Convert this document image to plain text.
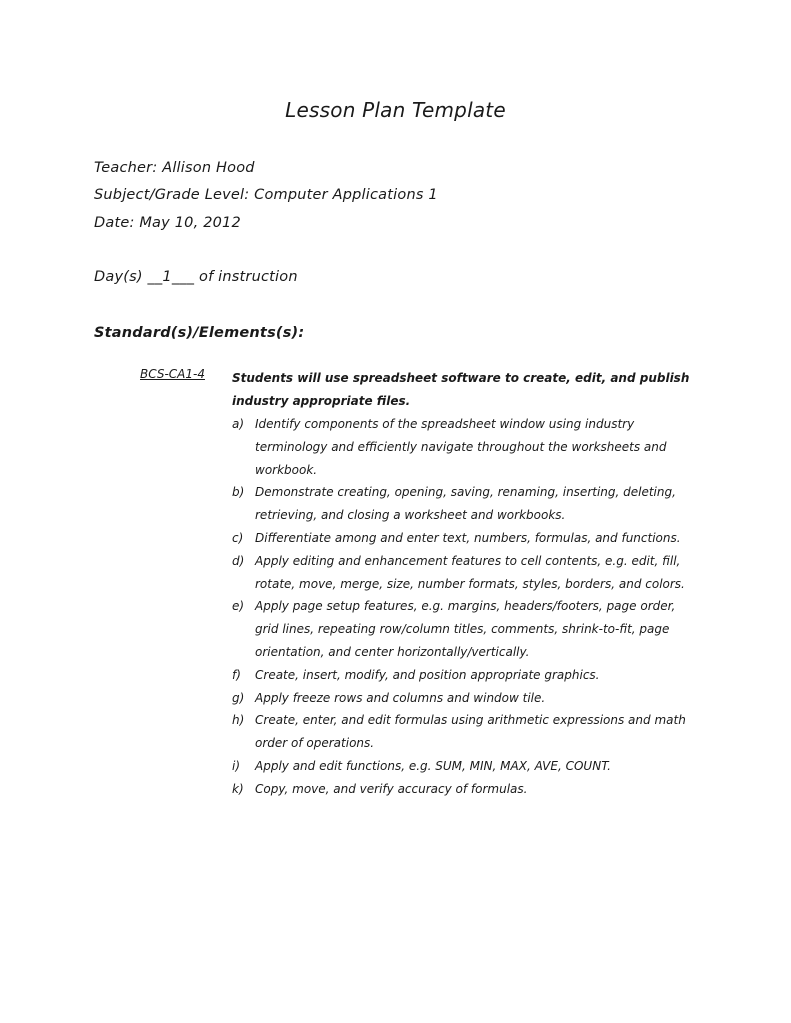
Lesson Plan Template
Teacher: Allison Hood
Subject/Grade Level: Computer Applications 1
Date: May 10, 2012
Day(s) __1___ of instruction
Standard(s)/Elements(s):
BCS-CA1-4 Students will use spreadsheet software to create, edit, and publish industry appropriate files.
a) Identify components of the spreadsheet window using industry terminology and efficiently navigate throughout the worksheets and workbook.
b) Demonstrate creating, opening, saving, renaming, inserting, deleting, retrieving, and closing a worksheet and workbooks.
c) Differentiate among and enter text, numbers, formulas, and functions.
d) Apply editing and enhancement features to cell contents, e.g. edit, fill, rotate, move, merge, size, number formats, styles, borders, and colors.
e) Apply page setup features, e.g. margins, headers/footers, page order, grid lines, repeating row/column titles, comments, shrink-to-fit, page orientation, and center horizontally/vertically.
f) Create, insert, modify, and position appropriate graphics.
g) Apply freeze rows and columns and window tile.
h) Create, enter, and edit formulas using arithmetic expressions and math order of operations.
i) Apply and edit functions, e.g. SUM, MIN, MAX, AVE, COUNT.
k) Copy, move, and verify accuracy of formulas.
